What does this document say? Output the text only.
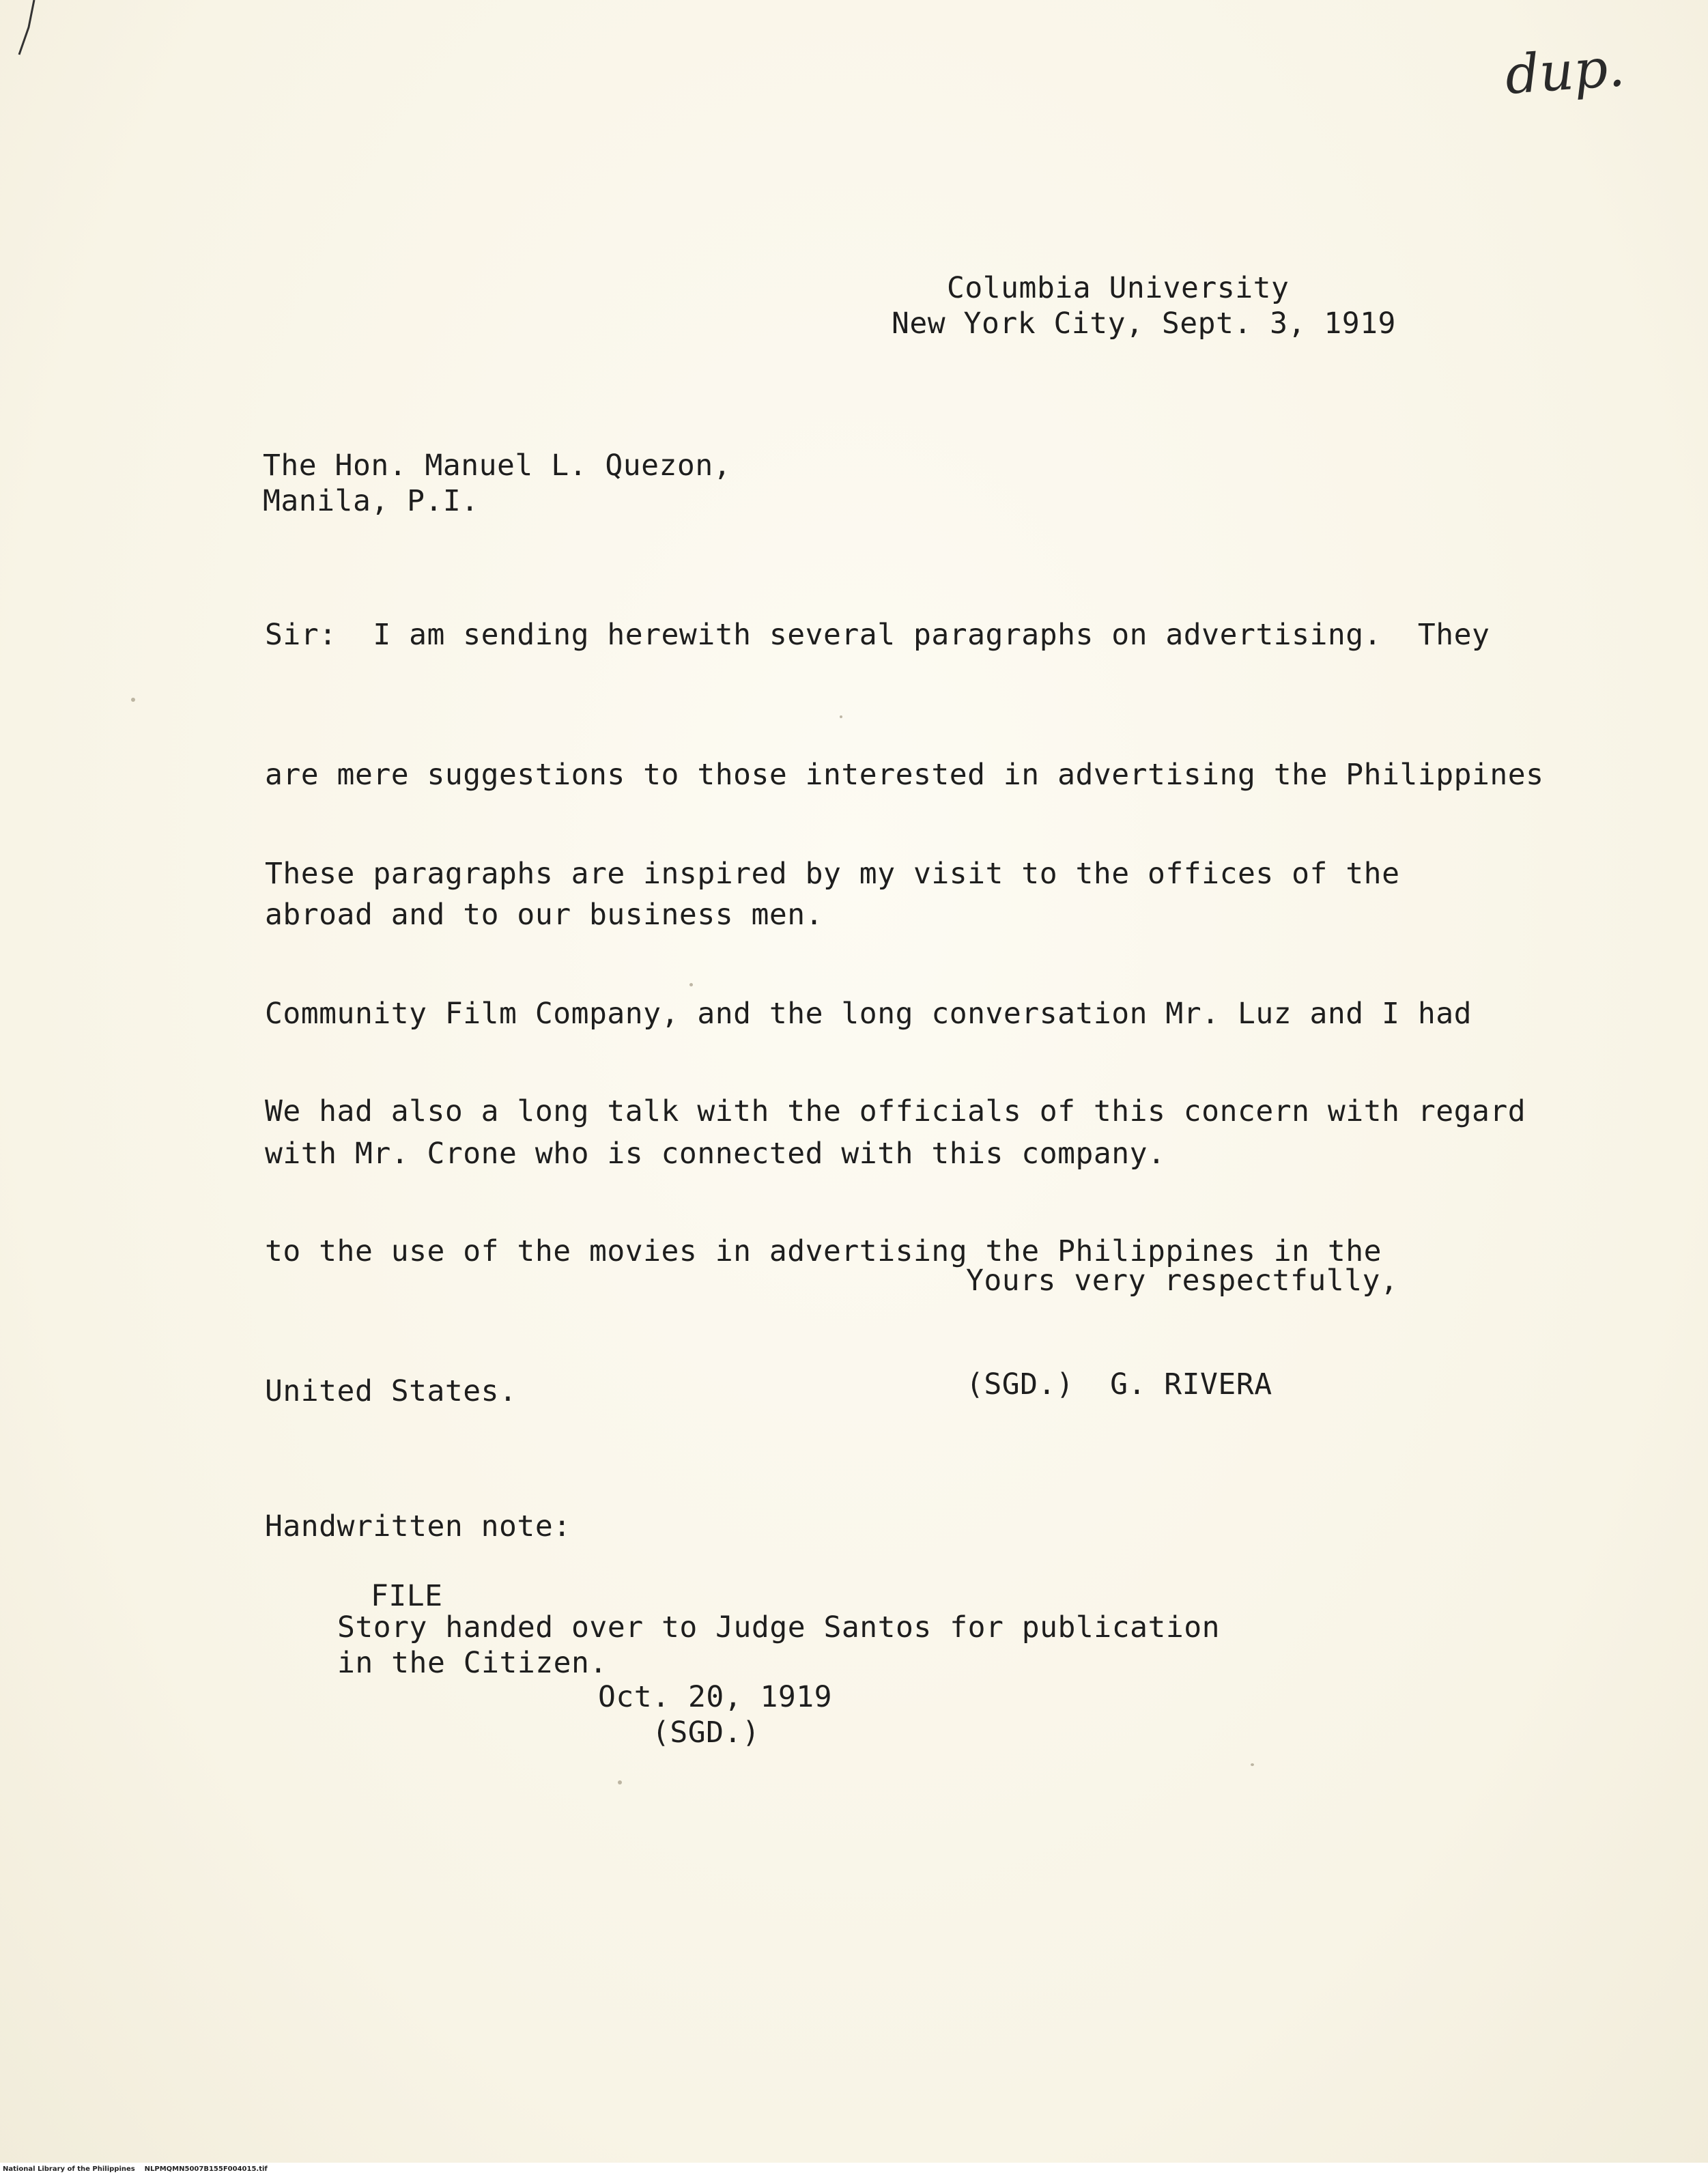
dup.
Columbia University
New York City, Sept. 3, 1919
The Hon. Manuel L. Quezon,
Manila, P.I.

Sir:  I am sending herewith several paragraphs on advertising.  They

are mere suggestions to those interested in advertising the Philippines

abroad and to our business men.

These paragraphs are inspired by my visit to the offices of the

Community Film Company, and the long conversation Mr. Luz and I had

with Mr. Crone who is connected with this company.

We had also a long talk with the officials of this concern with regard

to the use of the movies in advertising the Philippines in the

United States.

Yours very respectfully,
(SGD.)  G. RIVERA
Handwritten note:
FILE
Story handed over to Judge Santos for publication
in the Citizen.
Oct. 20, 1919
(SGD.)
National Library of the Philippines    NLPMQMN5007B155F004015.tif
